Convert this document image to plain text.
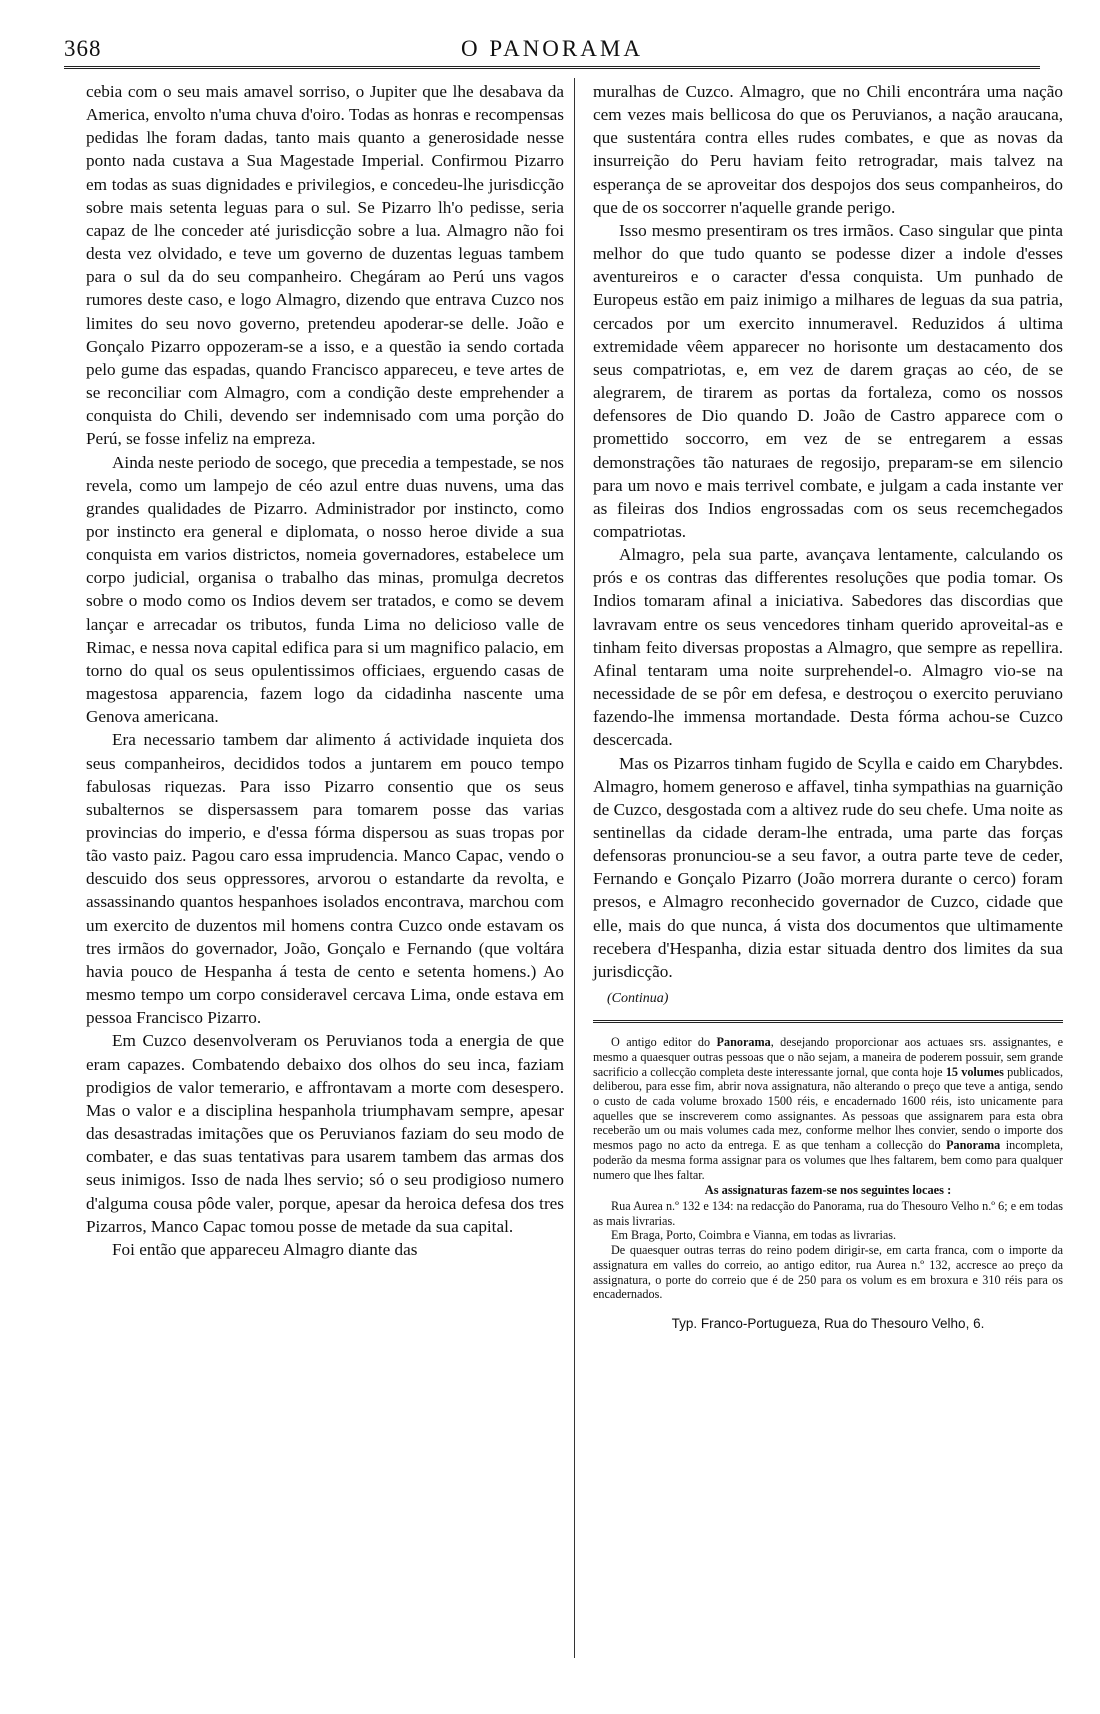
368	O PANORAMA

cebia com o seu mais amavel sorriso, o Jupiter que lhe desabava da America, envolto n'uma chuva d'oiro. Todas as honras e recompensas pedidas lhe foram dadas, tanto mais quanto a generosidade nesse ponto nada custava a Sua Magestade Imperial. Confirmou Pizarro em todas as suas dignidades e privilegios, e concedeu-lhe jurisdicção sobre mais setenta leguas para o sul. Se Pizarro lh'o pedisse, seria capaz de lhe conceder até jurisdicção sobre a lua. Almagro não foi desta vez olvidado, e teve um governo de duzentas leguas tambem para o sul da do seu companheiro. Chegáram ao Perú uns vagos rumores deste caso, e logo Almagro, dizendo que entrava Cuzco nos limites do seu novo governo, pretendeu apoderar-se delle. João e Gonçalo Pizarro oppozeram-se a isso, e a questão ia sendo cortada pelo gume das espadas, quando Francisco appareceu, e teve artes de se reconciliar com Almagro, com a condição deste emprehender a conquista do Chili, devendo ser indemnisado com uma porção do Perú, se fosse infeliz na empreza.

Ainda neste periodo de socego, que precedia a tempestade, se nos revela, como um lampejo de céo azul entre duas nuvens, uma das grandes qualidades de Pizarro. Administrador por instincto, como por instincto era general e diplomata, o nosso heroe divide a sua conquista em varios districtos, nomeia governadores, estabelece um corpo judicial, organisa o trabalho das minas, promulga decretos sobre o modo como os Indios devem ser tratados, e como se devem lançar e arrecadar os tributos, funda Lima no delicioso valle de Rimac, e nessa nova capital edifica para si um magnifico palacio, em torno do qual os seus opulentissimos officiaes, erguendo casas de magestosa apparencia, fazem logo da cidadinha nascente uma Genova americana.

Era necessario tambem dar alimento á actividade inquieta dos seus companheiros, decididos todos a juntarem em pouco tempo fabulosas riquezas. Para isso Pizarro consentio que os seus subalternos se dispersassem para tomarem posse das varias provincias do imperio, e d'essa fórma dispersou as suas tropas por tão vasto paiz. Pagou caro essa imprudencia. Manco Capac, vendo o descuido dos seus oppressores, arvorou o estandarte da revolta, e assassinando quantos hespanhoes isolados encontrava, marchou com um exercito de duzentos mil homens contra Cuzco onde estavam os tres irmãos do governador, João, Gonçalo e Fernando (que voltára havia pouco de Hespanha á testa de cento e setenta homens.) Ao mesmo tempo um corpo consideravel cercava Lima, onde estava em pessoa Francisco Pizarro.

Em Cuzco desenvolveram os Peruvianos toda a energia de que eram capazes. Combatendo debaixo dos olhos do seu inca, faziam prodigios de valor temerario, e affrontavam a morte com desespero. Mas o valor e a disciplina hespanhola triumphavam sempre, apesar das desastradas imitações que os Peruvianos faziam do seu modo de combater, e das suas tentativas para usarem tambem das armas dos seus inimigos. Isso de nada lhes servio; só o seu prodigioso numero d'alguma cousa pôde valer, porque, apesar da heroica defesa dos tres Pizarros, Manco Capac tomou posse de metade da sua capital.

Foi então que appareceu Almagro diante das

muralhas de Cuzco. Almagro, que no Chili encontrára uma nação cem vezes mais bellicosa do que os Peruvianos, a nação araucana, que sustentára contra elles rudes combates, e que as novas da insurreição do Peru haviam feito retrogradar, mais talvez na esperança de se aproveitar dos despojos dos seus companheiros, do que de os soccorrer n'aquelle grande perigo.

Isso mesmo presentiram os tres irmãos. Caso singular que pinta melhor do que tudo quanto se podesse dizer a indole d'esses aventureiros e o caracter d'essa conquista. Um punhado de Europeus estão em paiz inimigo a milhares de leguas da sua patria, cercados por um exercito innumeravel. Reduzidos á ultima extremidade vêem apparecer no horisonte um destacamento dos seus compatriotas, e, em vez de darem graças ao céo, de se alegrarem, de tirarem as portas da fortaleza, como os nossos defensores de Dio quando D. João de Castro apparece com o promettido soccorro, em vez de se entregarem a essas demonstrações tão naturaes de regosijo, preparam-se em silencio para um novo e mais terrivel combate, e julgam a cada instante ver as fileiras dos Indios engrossadas com os seus recemchegados compatriotas.

Almagro, pela sua parte, avançava lentamente, calculando os prós e os contras das differentes resoluções que podia tomar. Os Indios tomaram afinal a iniciativa. Sabedores das discordias que lavravam entre os seus vencedores tinham querido aproveital-as e tinham feito diversas propostas a Almagro, que sempre as repellira. Afinal tentaram uma noite surprehendel-o. Almagro vio-se na necessidade de se pôr em defesa, e destroçou o exercito peruviano fazendo-lhe immensa mortandade. Desta fórma achou-se Cuzco descercada.

Mas os Pizarros tinham fugido de Scylla e caido em Charybdes. Almagro, homem generoso e affavel, tinha sympathias na guarnição de Cuzco, desgostada com a altivez rude do seu chefe. Uma noite as sentinellas da cidade deram-lhe entrada, uma parte das forças defensoras pronunciou-se a seu favor, a outra parte teve de ceder, Fernando e Gonçalo Pizarro (João morrera durante o cerco) foram presos, e Almagro reconhecido governador de Cuzco, cidade que elle, mais do que nunca, á vista dos documentos que ultimamente recebera d'Hespanha, dizia estar situada dentro dos limites da sua jurisdicção.

(Continua)

O antigo editor do Panorama, desejando proporcionar aos actuaes srs. assignantes, e mesmo a quaesquer outras pessoas que o não sejam, a maneira de poderem possuir, sem grande sacrificio a collecção completa deste interessante jornal, que conta hoje 15 volumes publicados, deliberou, para esse fim, abrir nova assignatura, não alterando o preço que teve a antiga, sendo o custo de cada volume broxado 1500 réis, e encadernado 1600 réis, isto unicamente para aquelles que se inscreverem como assignantes. As pessoas que assignarem para esta obra receberão um ou mais volumes cada mez, conforme melhor lhes convier, sendo o importe dos mesmos pago no acto da entrega. E as que tenham a collecção do Panorama incompleta, poderão da mesma forma assignar para os volumes que lhes faltarem, bem como para qualquer numero que lhes faltar.

As assignaturas fazem-se nos seguintes locaes :

Rua Aurea n.º 132 e 134: na redacção do Panorama, rua do Thesouro Velho n.º 6; e em todas as mais livrarias.

Em Braga, Porto, Coimbra e Vianna, em todas as livrarias.

De quaesquer outras terras do reino podem dirigir-se, em carta franca, com o importe da assignatura em valles do correio, ao antigo editor, rua Aurea n.º 132, accresce ao preço da assignatura, o porte do correio que é de 250 para os volum es em broxura e 310 réis para os encadernados.

Typ. Franco-Portugueza, Rua do Thesouro Velho, 6.
